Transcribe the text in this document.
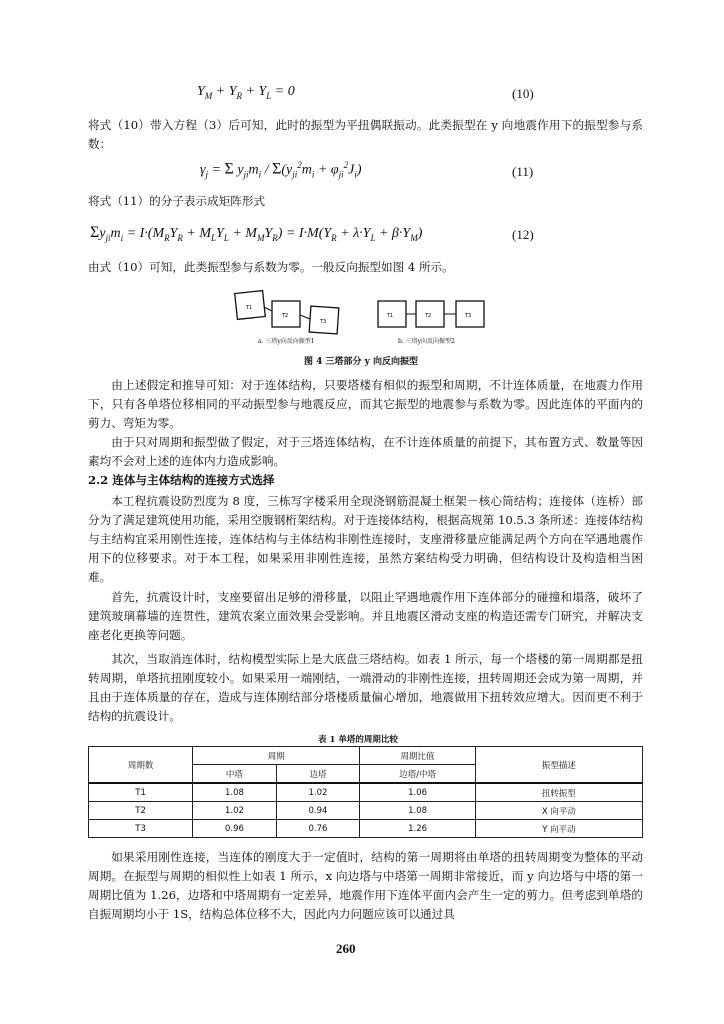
$Y_M + Y_R + Y_L = 0$	(10)
将式（10）带入方程（3）后可知，此时的振型为平扭偶联振动。此类振型在 y 向地震作用下的振型参与系数：
$\gamma_j = \Sigma$ $y_{ji}m_i / \Sigma(y_{ji}^2m_i + \varphi_{ji}^2J_i)$	(11)
将式（11）的分子表示成矩阵形式
$\Sigma y_{ji}m_i = I\cdot(M_RY_R + M_LY_L + M_MY_R) = I\cdot M(Y_R + \lambda\cdot Y_L + \beta\cdot Y_M)$	(12)
由式（10）可知，此类振型参与系数为零。一般反向振型如图 4 所示。
T1
T2
T3
T1	T2	T3
a. 三塔y向反向振型1	b. 三塔y向反向振型2
图 4 三塔部分 y 向反向振型
由上述假定和推导可知：对于连体结构，只要塔楼有相似的振型和周期，不计连体质量，在地震力作用下，只有各单塔位移相同的平动振型参与地震反应，而其它振型的地震参与系数为零。因此连体的平面内的剪力、弯矩为零。
由于只对周期和振型做了假定，对于三塔连体结构，在不计连体质量的前提下，其布置方式、数量等因素均不会对上述的连体内力造成影响。
2.2 连体与主体结构的连接方式选择
本工程抗震设防烈度为 8 度，三栋写字楼采用全现浇钢筋混凝土框架－核心筒结构；连接体（连桥）部分为了满足建筑使用功能，采用空腹钢桁架结构。对于连接体结构，根据高规第 10.5.3 条所述：连接体结构与主结构宜采用刚性连接，连体结构与主体结构非刚性连接时，支座滑移量应能满足两个方向在罕遇地震作用下的位移要求。对于本工程，如果采用非刚性连接，虽然方案结构受力明确，但结构设计及构造相当困难。
首先，抗震设计时，支座要留出足够的滑移量，以阻止罕遇地震作用下连体部分的碰撞和塌落，破坏了建筑玻璃幕墙的连贯性，建筑农案立面效果会受影响。并且地震区滑动支座的构造还需专门研究，并解决支座老化更换等问题。
其次，当取消连体时，结构模型实际上是大底盘三塔结构。如表 1 所示，每一个塔楼的第一周期都是扭转周期，单塔抗扭刚度较小。如果采用一端刚结，一端滑动的非刚性连接，扭转周期还会成为第一周期，并且由于连体质量的存在，造成与连体刚结部分塔楼质量偏心增加，地震做用下扭转效应增大。因而更不利于结构的抗震设计。
表 1 单塔的周期比较
周期数	周期		周期比值	振型描述
	中塔	边塔	边塔/中塔	
T1	1.08	1.02	1.06	扭转振型
T2	1.02	0.94	1.08	X 向平动
T3	0.96	0.76	1.26	Y 向平动
如果采用刚性连接，当连体的刚度大于一定值时，结构的第一周期将由单塔的扭转周期变为整体的平动周期。在振型与周期的相似性上如表 1 所示，x 向边塔与中塔第一周期非常接近，而 y 向边塔与中塔的第一周期比值为 1.26，边塔和中塔周期有一定差异，地震作用下连体平面内会产生一定的剪力。但考虑到单塔的自振周期均小于 1S，结构总体位移不大，因此内力问题应该可以通过具
260
